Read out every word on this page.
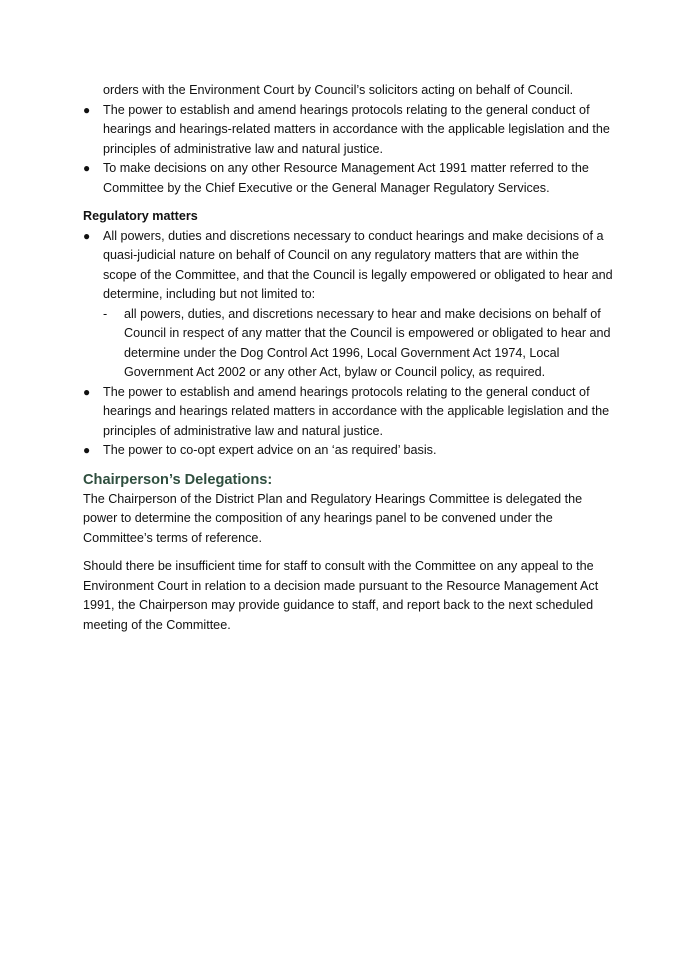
orders with the Environment Court by Council’s solicitors acting on behalf of Council.

●	The power to establish and amend hearings protocols relating to the general conduct of hearings and hearings-related matters in accordance with the applicable legislation and the principles of administrative law and natural justice.
●	To make decisions on any other Resource Management Act 1991 matter referred to the Committee by the Chief Executive or the General Manager Regulatory Services.

Regulatory matters

●	All powers, duties and discretions necessary to conduct hearings and make decisions of a quasi-judicial nature on behalf of Council on any regulatory matters that are within the scope of the Committee, and that the Council is legally empowered or obligated to hear and determine, including but not limited to:
- all powers, duties, and discretions necessary to hear and make decisions on behalf of Council in respect of any matter that the Council is empowered or obligated to hear and determine under the Dog Control Act 1996, Local Government Act 1974, Local Government Act 2002 or any other Act, bylaw or Council policy, as required.
●	The power to establish and amend hearings protocols relating to the general conduct of hearings and hearings related matters in accordance with the applicable legislation and the principles of administrative law and natural justice.
●	The power to co-opt expert advice on an ‘as required’ basis.

Chairperson’s Delegations:

The Chairperson of the District Plan and Regulatory Hearings Committee is delegated the power to determine the composition of any hearings panel to be convened under the Committee’s terms of reference.

Should there be insufficient time for staff to consult with the Committee on any appeal to the Environment Court in relation to a decision made pursuant to the Resource Management Act 1991, the Chairperson may provide guidance to staff, and report back to the next scheduled meeting of the Committee.
